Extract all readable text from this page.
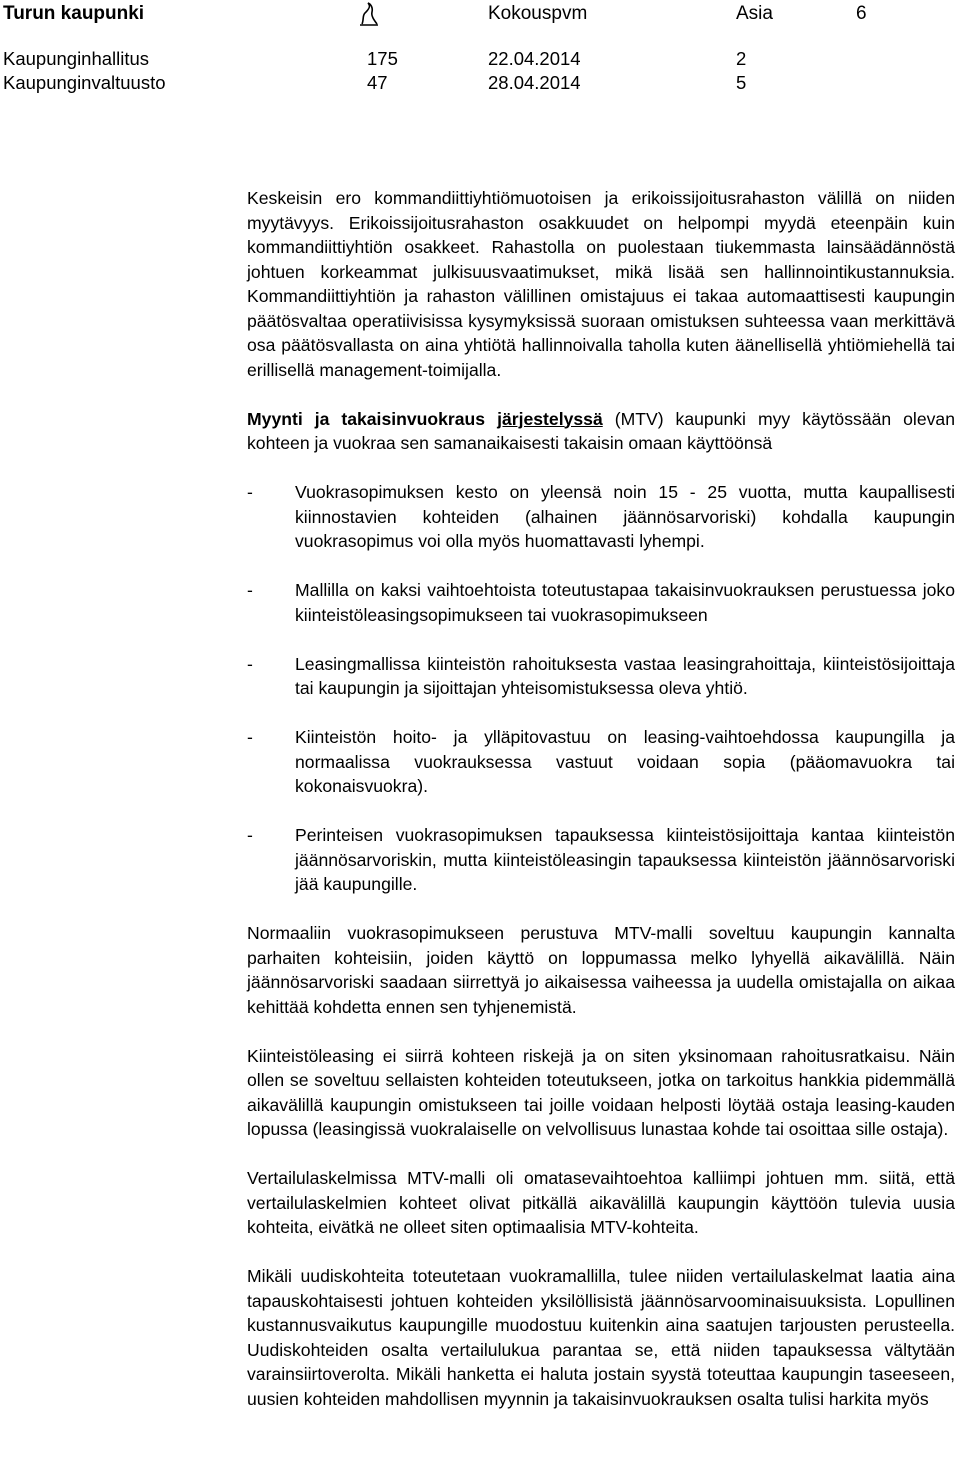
Turun kaupunki	Kokouspvm	Asia	6
Kaupunginhallitus	175	22.04.2014	2
Kaupunginvaltuusto	47	28.04.2014	5

Keskeisin ero kommandiittiyhtiömuotoisen ja erikoissijoitusrahaston välillä on niiden myytävyys. Erikoissijoitusrahaston osakkuudet on helpompi myydä eteenpäin kuin kommandiittiyhtiön osakkeet. Rahastolla on puolestaan tiukemmasta lainsäädännöstä johtuen korkeammat julkisuusvaatimukset, mikä lisää sen hallinnointikustannuksia. Kommandiittiyhtiön ja rahaston välillinen omistajuus ei takaa automaattisesti kaupungin päätösvaltaa operatiivisissa kysymyksissä suoraan omistuksen suhteessa vaan merkittävä osa päätösvallasta on aina yhtiötä hallinnoivalla taholla kuten äänellisellä yhtiömiehellä tai erillisellä management-toimijalla.

Myynti ja takaisinvuokraus järjestelyssä (MTV) kaupunki myy käytössään olevan kohteen ja vuokraa sen samanaikaisesti takaisin omaan käyttöönsä

- Vuokrasopimuksen kesto on yleensä noin 15 - 25 vuotta, mutta kaupallisesti kiinnostavien kohteiden (alhainen jäännösarvoriski) kohdalla kaupungin vuokrasopimus voi olla myös huomattavasti lyhempi.

- Mallilla on kaksi vaihtoehtoista toteutustapaa takaisinvuokrauksen perustuessa joko kiinteistöleasingsopimukseen tai vuokrasopimukseen

- Leasingmallissa kiinteistön rahoituksesta vastaa leasingrahoittaja, kiinteistösijoittaja tai kaupungin ja sijoittajan yhteisomistuksessa oleva yhtiö.

- Kiinteistön hoito- ja ylläpitovastuu on leasing-vaihtoehdossa kaupungilla ja normaalissa vuokrauksessa vastuut voidaan sopia (pääomavuokra tai kokonaisvuokra).

- Perinteisen vuokrasopimuksen tapauksessa kiinteistösijoittaja kantaa kiinteistön jäännösarvoriskin, mutta kiinteistöleasingin tapauksessa kiinteistön jäännösarvoriski jää kaupungille.

Normaaliin vuokrasopimukseen perustuva MTV-malli soveltuu kaupungin kannalta parhaiten kohteisiin, joiden käyttö on loppumassa melko lyhyellä aikavälillä. Näin jäännösarvoriski saadaan siirrettyä jo aikaisessa vaiheessa ja uudella omistajalla on aikaa kehittää kohdetta ennen sen tyhjenemistä.

Kiinteistöleasing ei siirrä kohteen riskejä ja on siten yksinomaan rahoitusratkaisu. Näin ollen se soveltuu sellaisten kohteiden toteutukseen, jotka on tarkoitus hankkia pidemmällä aikavälillä kaupungin omistukseen tai joille voidaan helposti löytää ostaja leasing-kauden lopussa (leasingissä vuokralaiselle on velvollisuus lunastaa kohde tai osoittaa sille ostaja).

Vertailulaskelmissa MTV-malli oli omatasevaihtoehtoa kalliimpi johtuen mm. siitä, että vertailulaskelmien kohteet olivat pitkällä aikavälillä kaupungin käyttöön tulevia uusia kohteita, eivätkä ne olleet siten optimaalisia MTV-kohteita.

Mikäli uudiskohteita toteutetaan vuokramallilla, tulee niiden vertailulaskelmat laatia aina tapauskohtaisesti johtuen kohteiden yksilöllisistä jäännösarvoominaisuuksista. Lopullinen kustannusvaikutus kaupungille muodostuu kuitenkin aina saatujen tarjousten perusteella. Uudiskohteiden osalta vertailulukua parantaa se, että niiden tapauksessa vältytään varainsiirtoverolta. Mikäli hanketta ei haluta jostain syystä toteuttaa kaupungin taseeseen, uusien kohteiden mahdollisen myynnin ja takaisinvuokrauksen osalta tulisi harkita myös
